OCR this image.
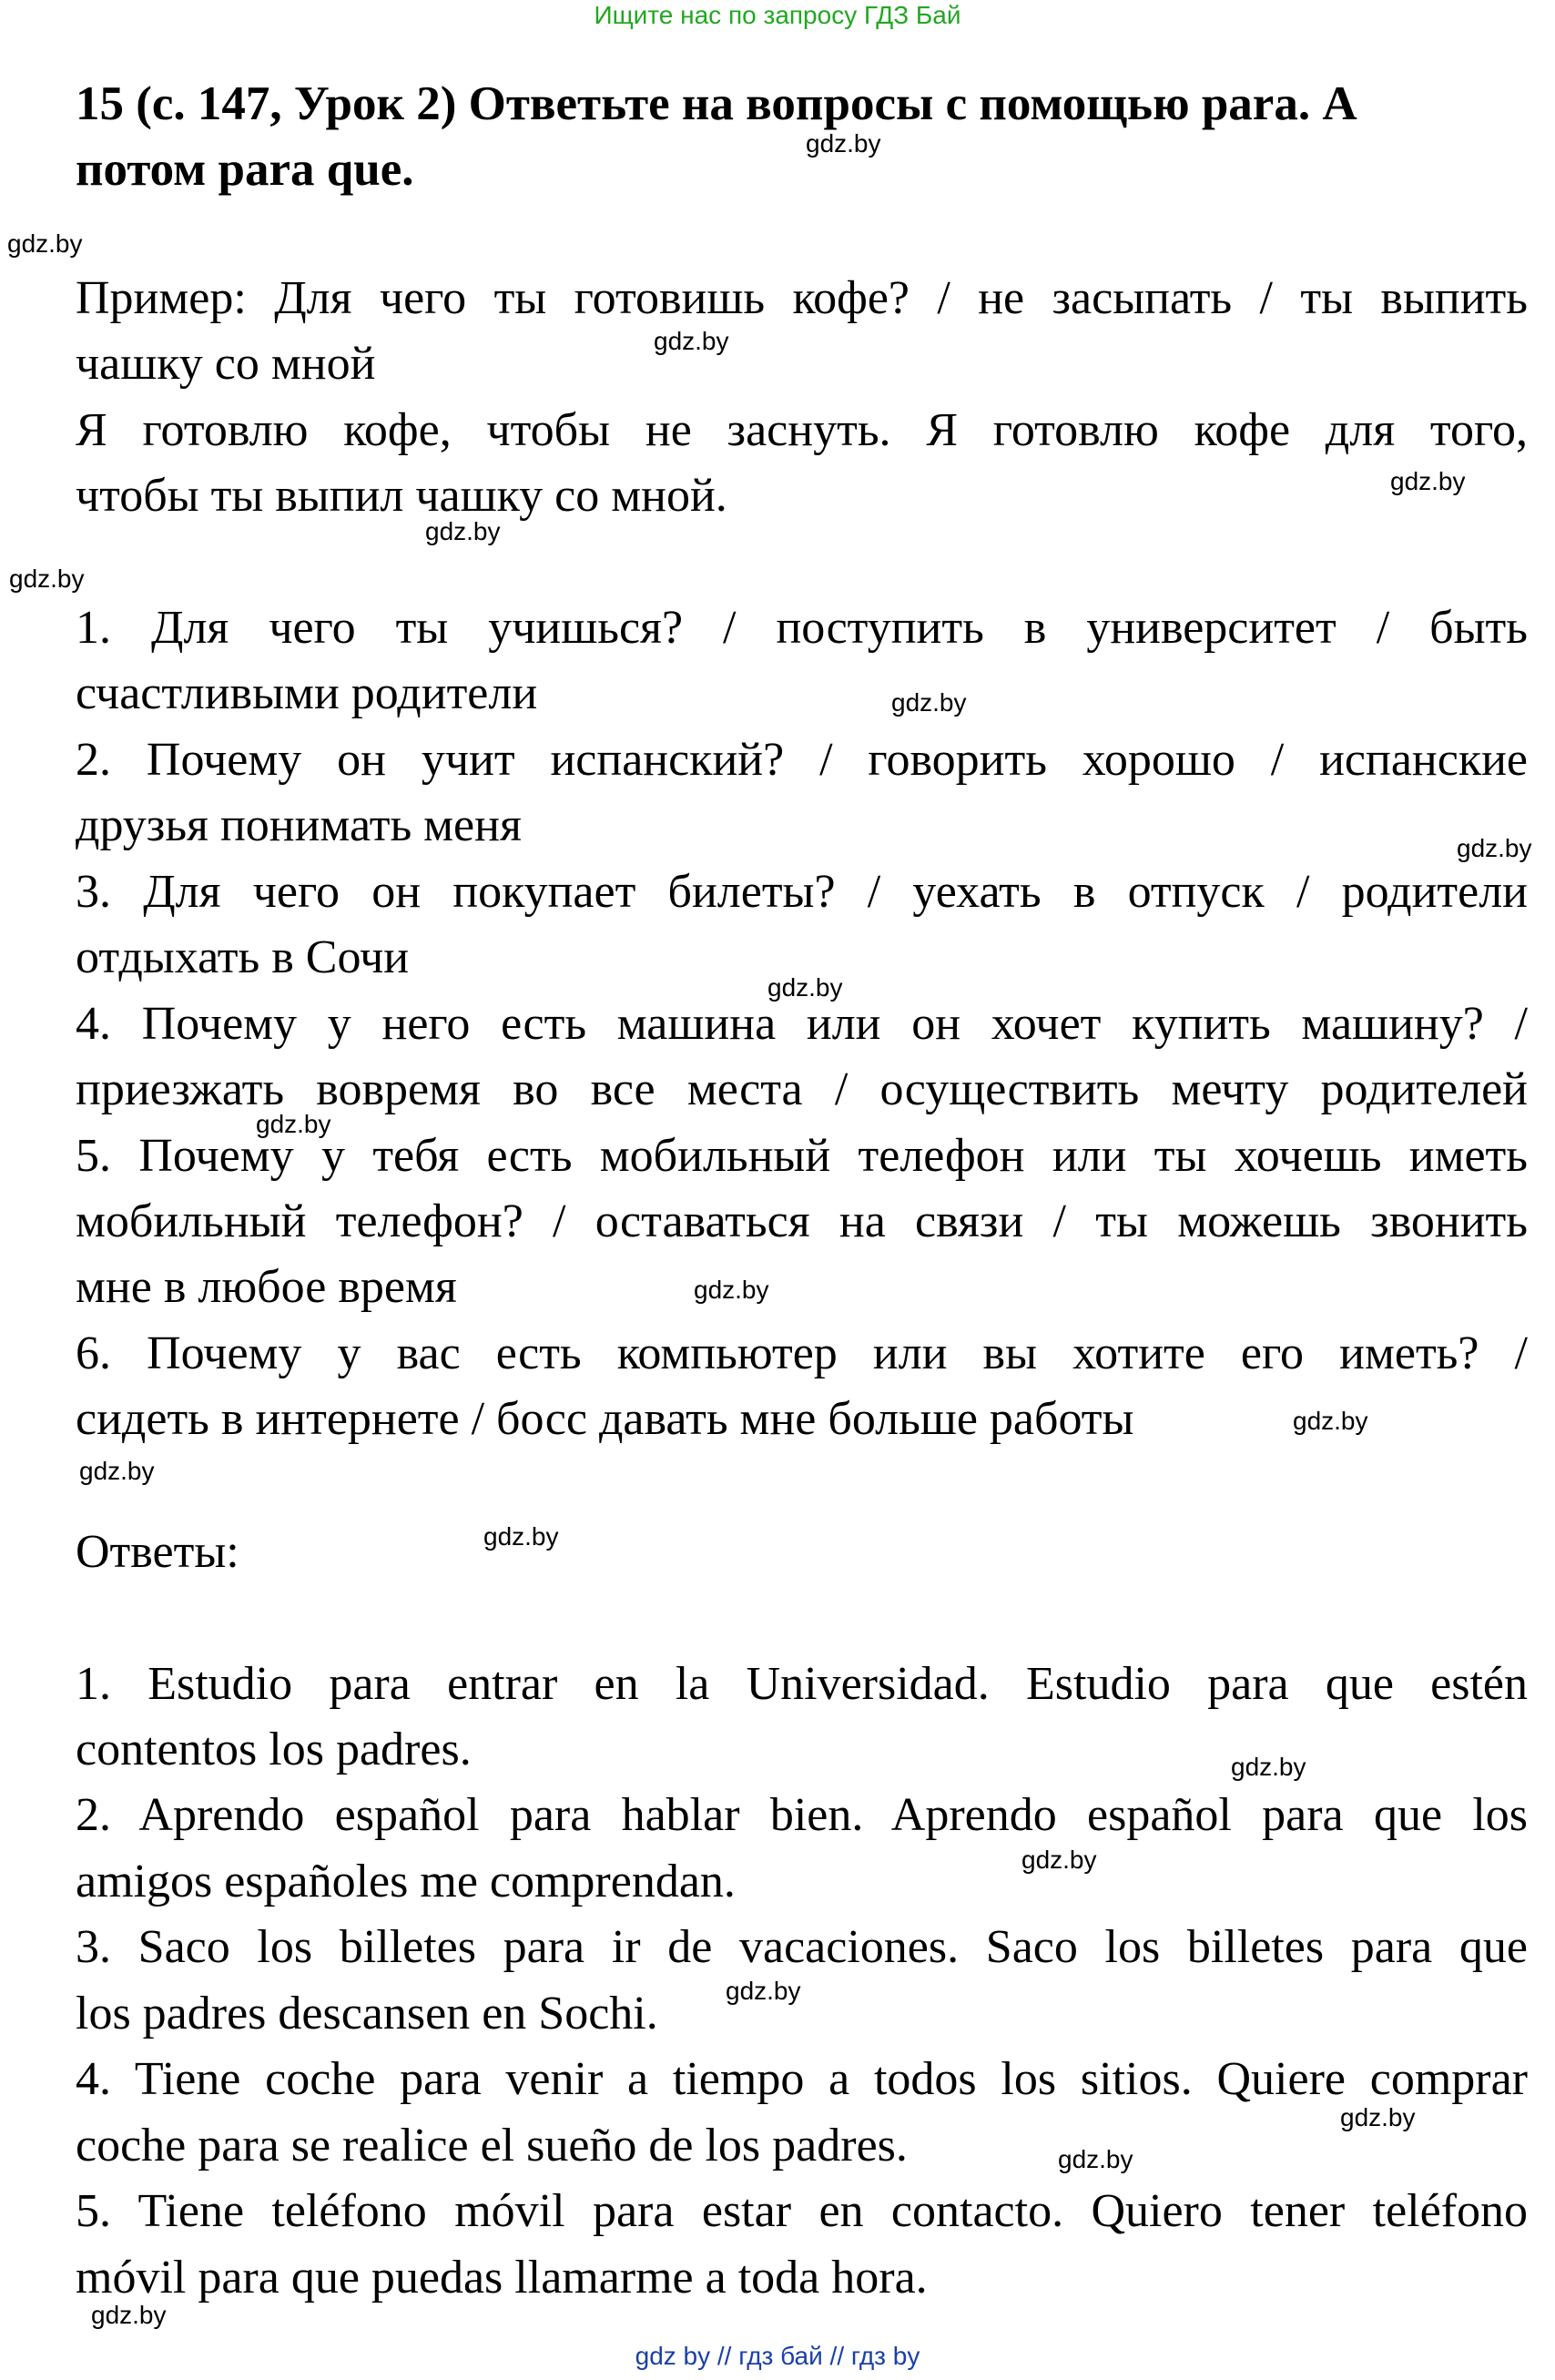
Ищите нас по запросу ГДЗ Бай
15 (с. 147, Урок 2) Ответьте на вопросы с помощью para. А
потом para que.
Пример: Для чего ты готовишь кофе? / не засыпать / ты выпить
чашку со мной
Я готовлю кофе, чтобы не заснуть. Я готовлю кофе для того,
чтобы ты выпил чашку со мной.
1. Для чего ты учишься? / поступить в университет / быть
счастливыми родители
2. Почему он учит испанский? / говорить хорошо / испанские
друзья понимать меня
3. Для чего он покупает билеты? / уехать в отпуск / родители
отдыхать в Сочи
4. Почему у него есть машина или он хочет купить машину? /
приезжать вовремя во все места / осуществить мечту родителей
5. Почему у тебя есть мобильный телефон или ты хочешь иметь
мобильный телефон? / оставаться на связи / ты можешь звонить
мне в любое время
6. Почему у вас есть компьютер или вы хотите его иметь? /
сидеть в интернете / босс давать мне больше работы
Ответы:
1. Estudio para entrar en la Universidad. Estudio para que estén
contentos los padres.
2. Aprendo español para hablar bien. Aprendo español para que los
amigos españoles me comprendan.
3. Saco los billetes para ir de vacaciones. Saco los billetes para que
los padres descansen en Sochi.
4. Tiene coche para venir a tiempo a todos los sitios. Quiere comprar
coche para se realice el sueño de los padres.
5. Tiene teléfono móvil para estar en contacto. Quiero tener teléfono
móvil para que puedas llamarme a toda hora.
gdz.by
gdz.by
gdz.by
gdz.by
gdz.by
gdz.by
gdz.by
gdz.by
gdz.by
gdz.by
gdz.by
gdz.by
gdz.by
gdz.by
gdz.by
gdz.by
gdz.by
gdz.by
gdz.by
gdz.by
gdz by // гдз бай // гдз by
